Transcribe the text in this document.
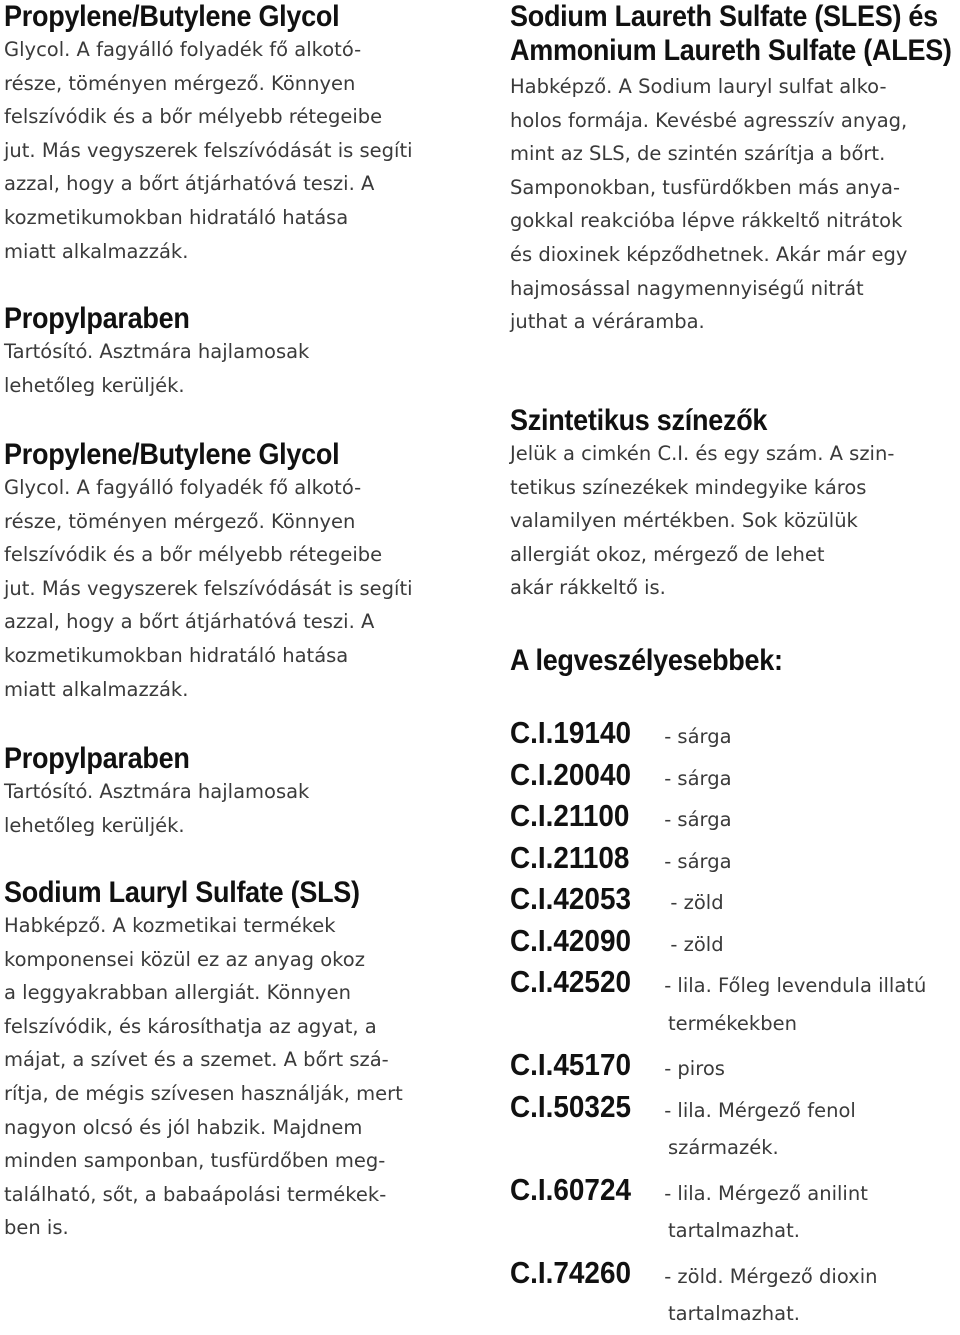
Propylene/Butylene Glycol

Glycol. A fagyálló folyadék fő alkotó-

része, töményen mérgező. Könnyen

felszívódik és a bőr mélyebb rétegeibe

jut. Más vegyszerek felszívódását is segíti

azzal, hogy a bőrt átjárhatóvá teszi. A

kozmetikumokban hidratáló hatása

miatt alkalmazzák.

Propylparaben

Tartósító. Asztmára hajlamosak

lehetőleg kerüljék.

Propylene/Butylene Glycol

Glycol. A fagyálló folyadék fő alkotó-

része, töményen mérgező. Könnyen

felszívódik és a bőr mélyebb rétegeibe

jut. Más vegyszerek felszívódását is segíti

azzal, hogy a bőrt átjárhatóvá teszi. A

kozmetikumokban hidratáló hatása

miatt alkalmazzák.

Propylparaben

Tartósító. Asztmára hajlamosak

lehetőleg kerüljék.

Sodium Lauryl Sulfate (SLS)

Habképző. A kozmetikai termékek

komponensei közül ez az anyag okoz

a leggyakrabban allergiát. Könnyen

felszívódik, és károsíthatja az agyat, a

májat, a szívet és a szemet. A bőrt szá-

rítja, de mégis szívesen használják, mert

nagyon olcsó és jól habzik. Majdnem

minden samponban, tusfürdőben meg-

található, sőt, a babaápolási termékek-

ben is.

Sodium Laureth Sulfate (SLES) és Ammonium Laureth Sulfate (ALES)

Habképző. A Sodium lauryl sulfat alko-

holos formája. Kevésbé agresszív anyag,

mint az SLS, de szintén szárítja a bőrt.

Samponokban, tusfürdőkben más anya-

gokkal reakcióba lépve rákkeltő nitrátok

és dioxinek képződhetnek. Akár már egy

hajmosással nagymennyiségű nitrát

juthat a véráramba.

Szintetikus színezők

Jelük a cimkén C.I. és egy szám. A szin-

tetikus színezékek mindegyike káros

valamilyen mértékben. Sok közülük

allergiát okoz, mérgező de lehet

akár rákkeltő is.

A legveszélyesebbek:
C.I.19140 - sárga
C.I.20040 - sárga
C.I.21100 - sárga
C.I.21108 - sárga
C.I.42053  - zöld
C.I.42090  - zöld
C.I.42520 - lila. Főleg levendula illatú
termékekben
C.I.45170 - piros
C.I.50325 - lila. Mérgező fenol
származék.
C.I.60724 - lila. Mérgező anilint
tartalmazhat.
C.I.74260 - zöld. Mérgező dioxin
tartalmazhat.
